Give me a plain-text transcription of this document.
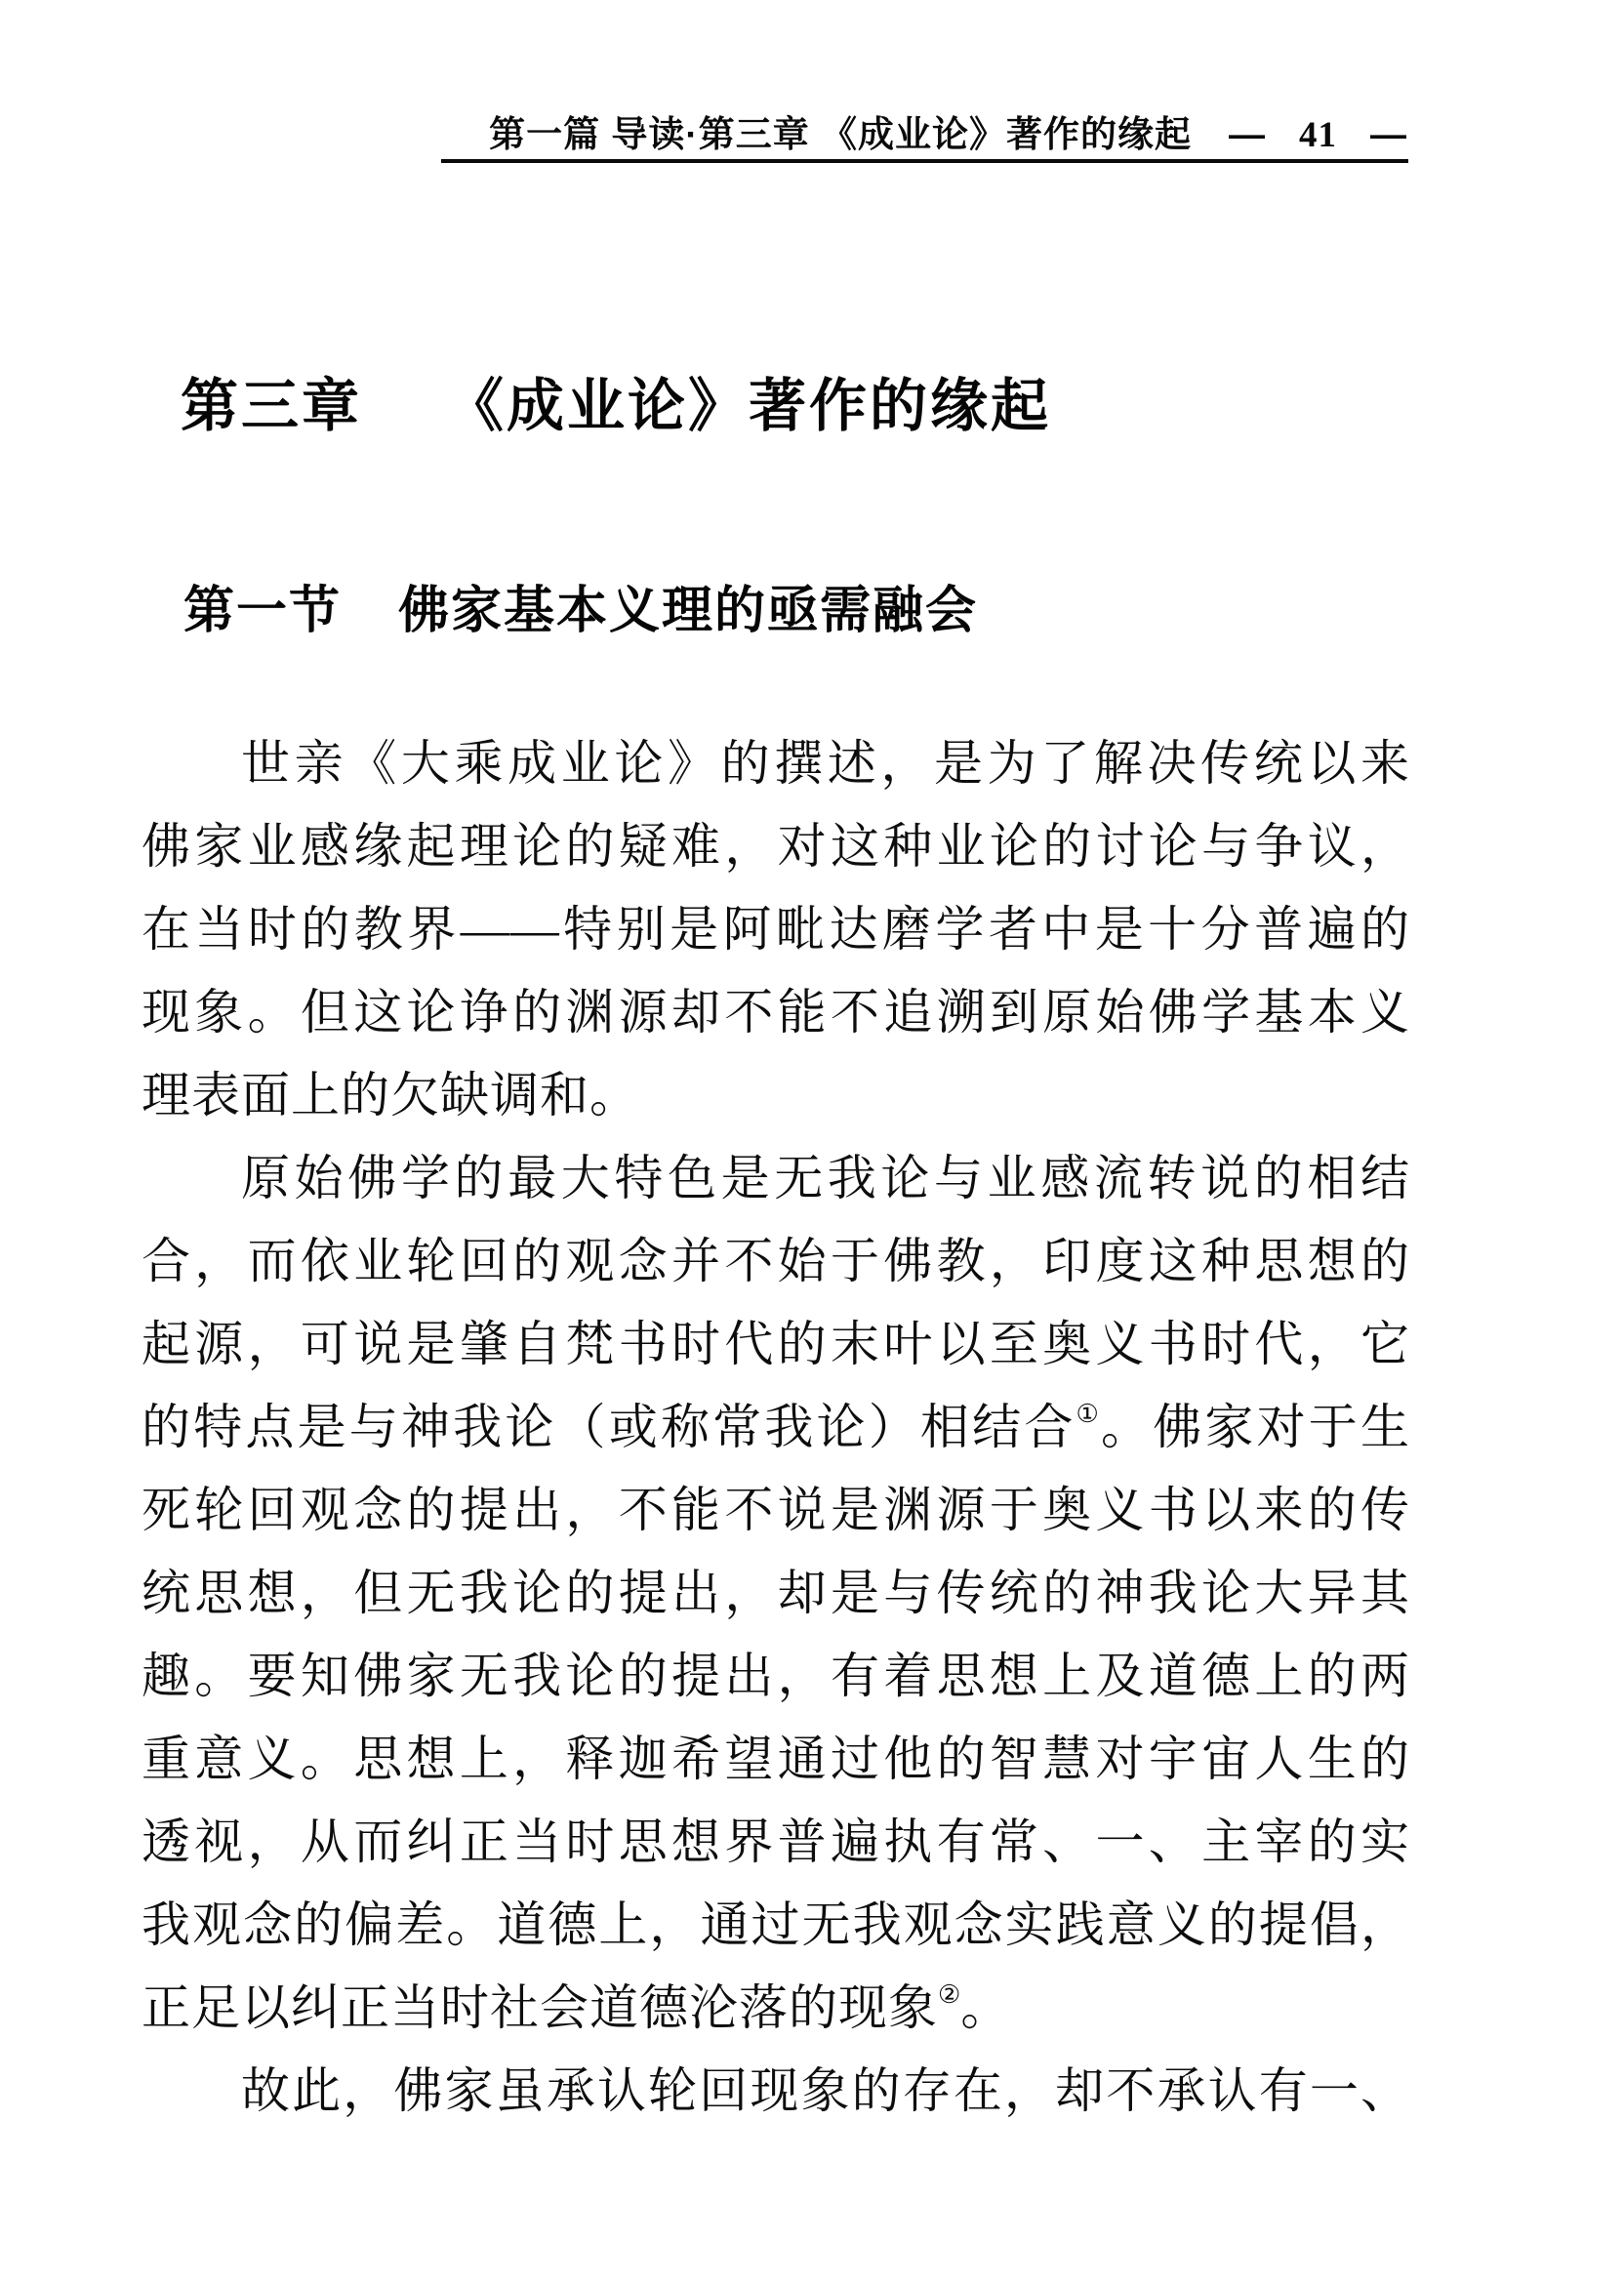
第一篇 导读·第三章 《成业论》著作的缘起 — 41 —
第三章 《成业论》著作的缘起
第一节 佛家基本义理的亟需融会
世亲《大乘成业论》的撰述，是为了解决传统以来
佛家业感缘起理论的疑难，对这种业论的讨论与争议，
在当时的教界——特别是阿毗达磨学者中是十分普遍的
现象。但这论诤的渊源却不能不追溯到原始佛学基本义
理表面上的欠缺调和。
原始佛学的最大特色是无我论与业感流转说的相结
合，而依业轮回的观念并不始于佛教，印度这种思想的
起源，可说是肇自梵书时代的末叶以至奥义书时代，它
的特点是与神我论（或称常我论）相结合①。佛家对于生
死轮回观念的提出，不能不说是渊源于奥义书以来的传
统思想，但无我论的提出，却是与传统的神我论大异其
趣。要知佛家无我论的提出，有着思想上及道德上的两
重意义。思想上，释迦希望通过他的智慧对宇宙人生的
透视，从而纠正当时思想界普遍执有常、一、主宰的实
我观念的偏差。道德上，通过无我观念实践意义的提倡，
正足以纠正当时社会道德沦落的现象②。
故此，佛家虽承认轮回现象的存在，却不承认有一、
